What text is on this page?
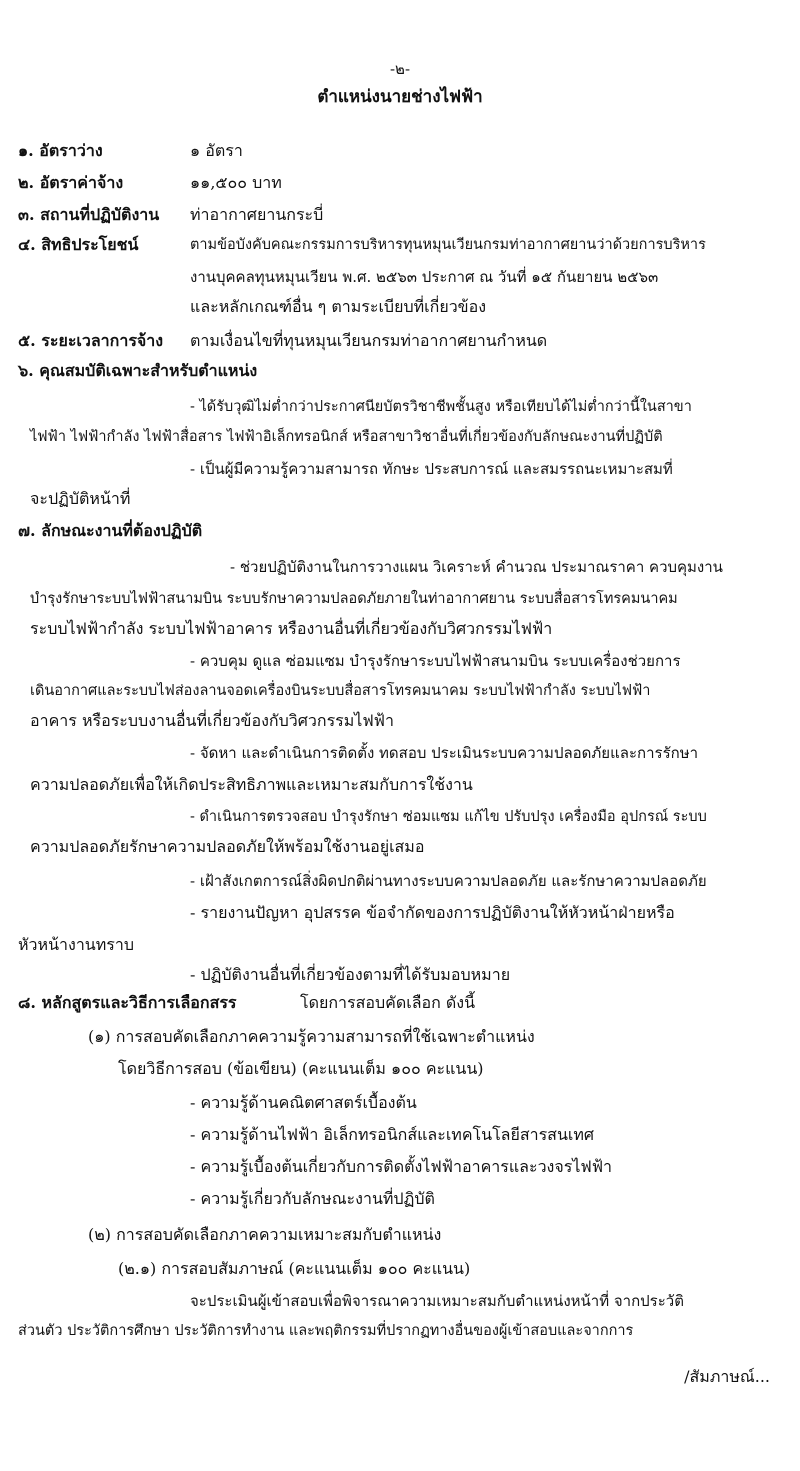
-๒-
ตำแหน่งนายช่างไฟฟ้า
๑. อัตราว่าง	๑ อัตรา
๒. อัตราค่าจ้าง	๑๑,๕๐๐ บาท
๓. สถานที่ปฏิบัติงาน ท่าอากาศยานกระบี่
๔. สิทธิประโยชน์	ตามข้อบังคับคณะกรรมการบริหารทุนหมุนเวียนกรมท่าอากาศยานว่าด้วยการบริหาร
งานบุคคลทุนหมุนเวียน พ.ศ. ๒๕๖๓ ประกาศ ณ วันที่ ๑๕ กันยายน ๒๕๖๓
และหลักเกณฑ์อื่น ๆ ตามระเบียบที่เกี่ยวข้อง
๕. ระยะเวลาการจ้าง ตามเงื่อนไขที่ทุนหมุนเวียนกรมท่าอากาศยานกำหนด
๖. คุณสมบัติเฉพาะสำหรับตำแหน่ง
- ได้รับวุฒิไม่ต่ำกว่าประกาศนียบัตรวิชาชีพชั้นสูง หรือเทียบได้ไม่ต่ำกว่านี้ในสาขา
ไฟฟ้า ไฟฟ้ากำลัง ไฟฟ้าสื่อสาร ไฟฟ้าอิเล็กทรอนิกส์ หรือสาขาวิชาอื่นที่เกี่ยวข้องกับลักษณะงานที่ปฏิบัติ
- เป็นผู้มีความรู้ความสามารถ ทักษะ ประสบการณ์ และสมรรถนะเหมาะสมที่
จะปฏิบัติหน้าที่
๗. ลักษณะงานที่ต้องปฏิบัติ
- ช่วยปฏิบัติงานในการวางแผน วิเคราะห์ คำนวณ ประมาณราคา ควบคุมงาน
บำรุงรักษาระบบไฟฟ้าสนามบิน ระบบรักษาความปลอดภัยภายในท่าอากาศยาน ระบบสื่อสารโทรคมนาคม
ระบบไฟฟ้ากำลัง ระบบไฟฟ้าอาคาร หรืองานอื่นที่เกี่ยวข้องกับวิศวกรรมไฟฟ้า
- ควบคุม ดูแล ซ่อมแซม บำรุงรักษาระบบไฟฟ้าสนามบิน ระบบเครื่องช่วยการ
เดินอากาศและระบบไฟส่องลานจอดเครื่องบินระบบสื่อสารโทรคมนาคม ระบบไฟฟ้ากำลัง ระบบไฟฟ้า
อาคาร หรือระบบงานอื่นที่เกี่ยวข้องกับวิศวกรรมไฟฟ้า
- จัดหา และดำเนินการติดตั้ง ทดสอบ ประเมินระบบความปลอดภัยและการรักษา
ความปลอดภัยเพื่อให้เกิดประสิทธิภาพและเหมาะสมกับการใช้งาน
- ดำเนินการตรวจสอบ บำรุงรักษา ซ่อมแซม แก้ไข ปรับปรุง เครื่องมือ อุปกรณ์ ระบบ
ความปลอดภัยรักษาความปลอดภัยให้พร้อมใช้งานอยู่เสมอ
- เฝ้าสังเกตการณ์สิ่งผิดปกติผ่านทางระบบความปลอดภัย และรักษาความปลอดภัย
- รายงานปัญหา อุปสรรค ข้อจำกัดของการปฏิบัติงานให้หัวหน้าฝ่ายหรือ
หัวหน้างานทราบ
- ปฏิบัติงานอื่นที่เกี่ยวข้องตามที่ได้รับมอบหมาย
๘. หลักสูตรและวิธีการเลือกสรร	โดยการสอบคัดเลือก ดังนี้
(๑) การสอบคัดเลือกภาคความรู้ความสามารถที่ใช้เฉพาะตำแหน่ง
โดยวิธีการสอบ (ข้อเขียน) (คะแนนเต็ม ๑๐๐ คะแนน)
- ความรู้ด้านคณิตศาสตร์เบื้องต้น
- ความรู้ด้านไฟฟ้า อิเล็กทรอนิกส์และเทคโนโลยีสารสนเทศ
- ความรู้เบื้องต้นเกี่ยวกับการติดตั้งไฟฟ้าอาคารและวงจรไฟฟ้า
- ความรู้เกี่ยวกับลักษณะงานที่ปฏิบัติ
(๒) การสอบคัดเลือกภาคความเหมาะสมกับตำแหน่ง
(๒.๑) การสอบสัมภาษณ์ (คะแนนเต็ม ๑๐๐ คะแนน)
จะประเมินผู้เข้าสอบเพื่อพิจารณาความเหมาะสมกับตำแหน่งหน้าที่ จากประวัติ
ส่วนตัว ประวัติการศึกษา ประวัติการทำงาน และพฤติกรรมที่ปรากฏทางอื่นของผู้เข้าสอบและจากการ
/สัมภาษณ์...
